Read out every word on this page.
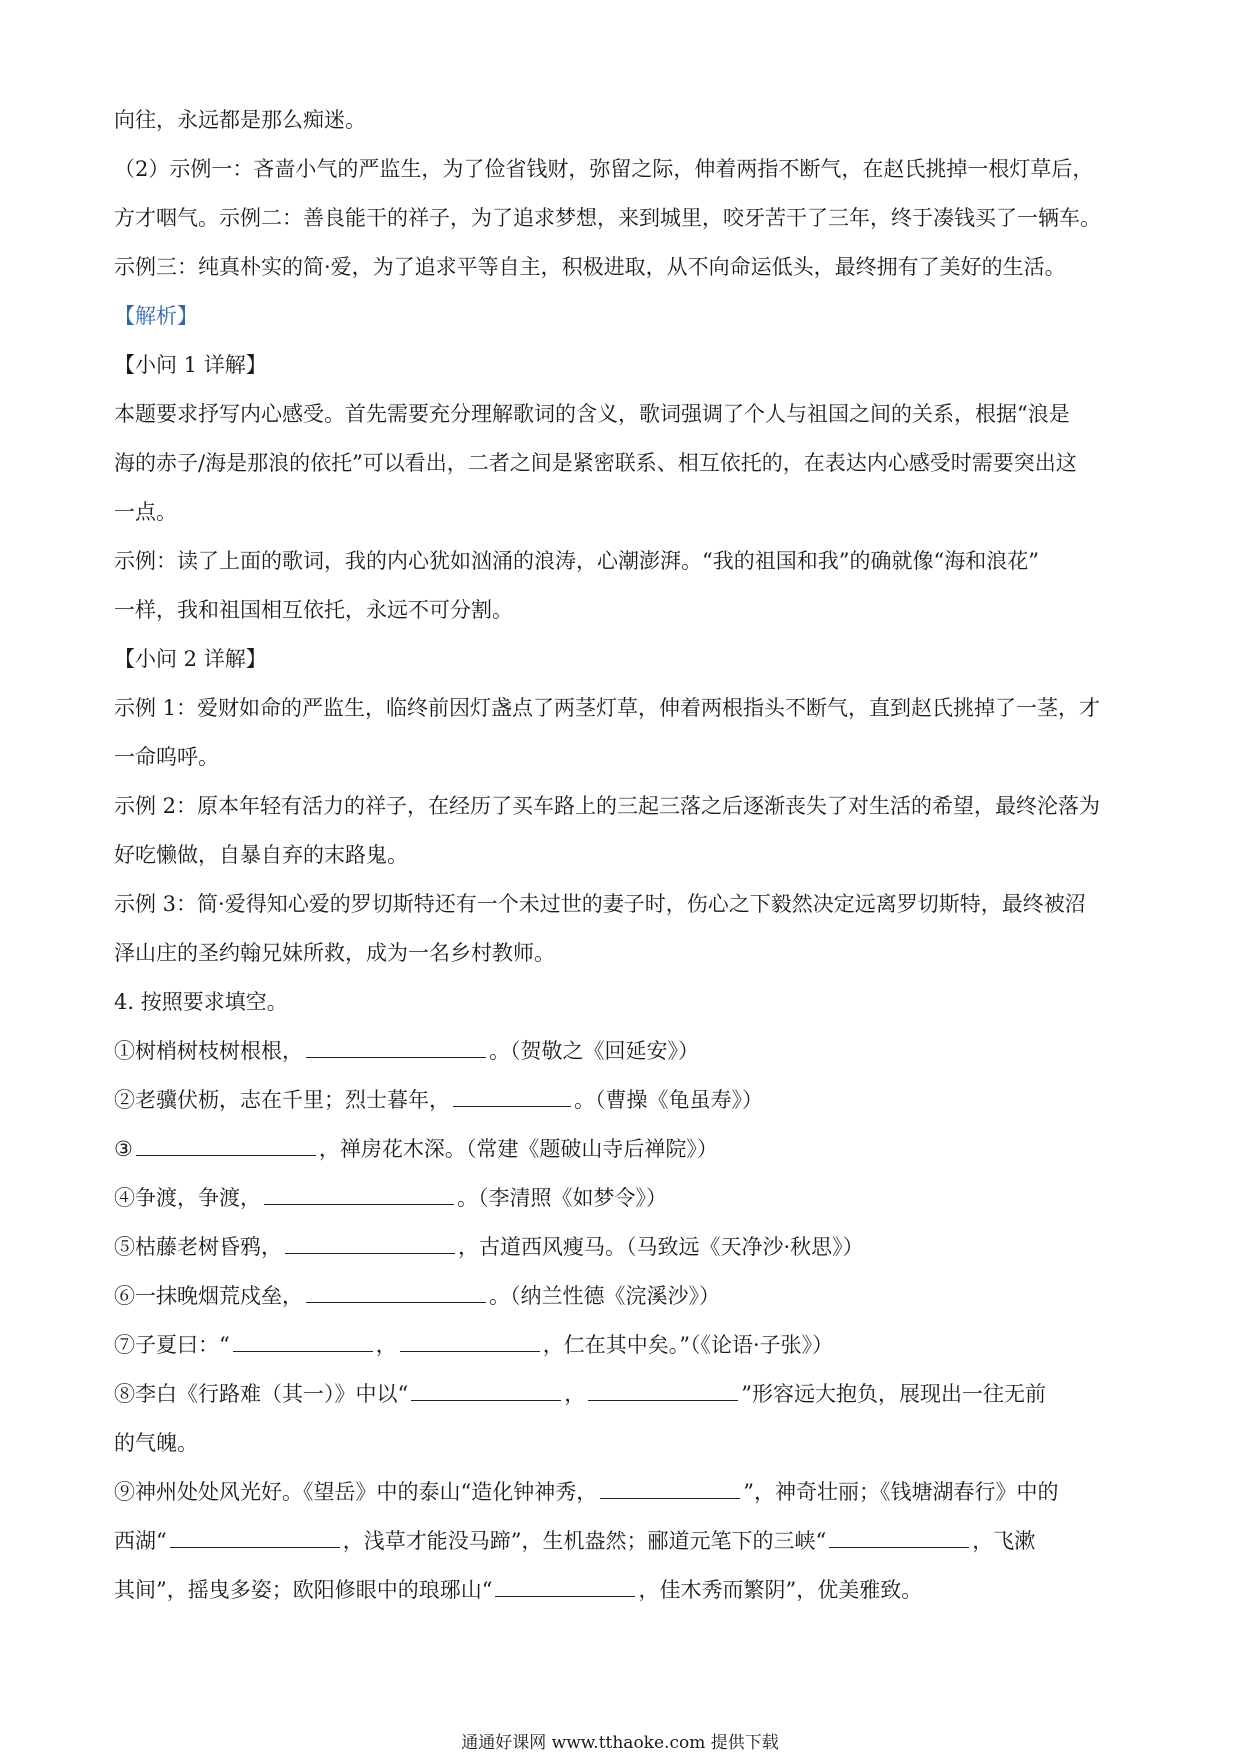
向往，永远都是那么痴迷。

（2）示例一：吝啬小气的严监生，为了俭省钱财，弥留之际，伸着两指不断气，在赵氏挑掉一根灯草后，

方才咽气。示例二：善良能干的祥子，为了追求梦想，来到城里，咬牙苦干了三年，终于凑钱买了一辆车。

示例三：纯真朴实的简·爱，为了追求平等自主，积极进取，从不向命运低头，最终拥有了美好的生活。

【解析】

【小问 1 详解】

本题要求抒写内心感受。首先需要充分理解歌词的含义，歌词强调了个人与祖国之间的关系，根据“浪是

海的赤子/海是那浪的依托”可以看出，二者之间是紧密联系、相互依托的，在表达内心感受时需要突出这

一点。

示例：读了上面的歌词，我的内心犹如汹涌的浪涛，心潮澎湃。“我的祖国和我”的确就像“海和浪花”

一样，我和祖国相互依托，永远不可分割。

【小问 2 详解】

示例 1：爱财如命的严监生，临终前因灯盏点了两茎灯草，伸着两根指头不断气，直到赵氏挑掉了一茎，才

一命呜呼。

示例 2：原本年轻有活力的祥子，在经历了买车路上的三起三落之后逐渐丧失了对生活的希望，最终沦落为

好吃懒做，自暴自弃的末路鬼。

示例 3：简·爱得知心爱的罗切斯特还有一个未过世的妻子时，伤心之下毅然决定远离罗切斯特，最终被沼

泽山庄的圣约翰兄妹所救，成为一名乡村教师。

4. 按照要求填空。

①树梢树枝树根根，	。（贺敬之《回延安》）

②老骥伏枥，志在千里；烈士暮年，	。（曹操《龟虽寿》）

③	，禅房花木深。（常建《题破山寺后禅院》）

④争渡，争渡，	。（李清照《如梦令》）

⑤枯藤老树昏鸦，	，古道西风瘦马。（马致远《天净沙·秋思》）

⑥一抹晚烟荒戍垒，	。（纳兰性德《浣溪沙》）

⑦子夏曰：“	，	，仁在其中矣。”（《论语·子张》）

⑧李白《行路难（其一）》中以“	，	”形容远大抱负，展现出一往无前

的气魄。

⑨神州处处风光好。《望岳》中的泰山“造化钟神秀，	”，神奇壮丽；《钱塘湖春行》中的

西湖“	，浅草才能没马蹄”，生机盎然；郦道元笔下的三峡“	，飞漱

其间”，摇曳多姿；欧阳修眼中的琅琊山“	，佳木秀而繁阴”，优美雅致。

通通好课网 www.tthaoke.com 提供下载
